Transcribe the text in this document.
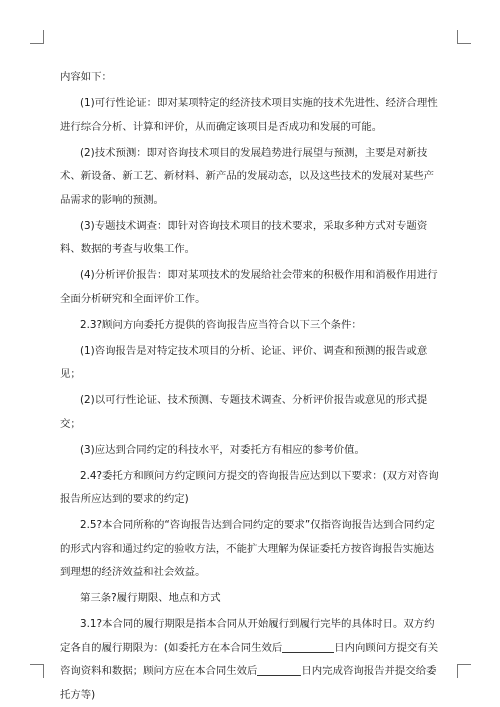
内容如下：

(1)可行性论证：即对某项特定的经济技术项目实施的技术先进性、经济合理性进行综合分析、计算和评价，从而确定该项目是否成功和发展的可能。

(2)技术预测：即对咨询技术项目的发展趋势进行展望与预测，主要是对新技术、新设备、新工艺、新材料、新产品的发展动态，以及这些技术的发展对某些产品需求的影响的预测。

(3)专题技术调查：即针对咨询技术项目的技术要求，采取多种方式对专题资料、数据的考查与收集工作。

(4)分析评价报告：即对某项技术的发展给社会带来的积极作用和消极作用进行全面分析研究和全面评价工作。

2.3?顾问方向委托方提供的咨询报告应当符合以下三个条件：

(1)咨询报告是对特定技术项目的分析、论证、评价、调查和预测的报告或意见；

(2)以可行性论证、技术预测、专题技术调查、分析评价报告或意见的形式提交；

(3)应达到合同约定的科技水平，对委托方有相应的参考价值。

2.4?委托方和顾问方约定顾问方提交的咨询报告应达到以下要求：(双方对咨询报告所应达到的要求的约定)

2.5?本合同所称的“咨询报告达到合同约定的要求”仅指咨询报告达到合同约定的形式内容和通过约定的验收方法，不能扩大理解为保证委托方按咨询报告实施达到理想的经济效益和社会效益。

第三条?履行期限、地点和方式

3.1?本合同的履行期限是指本合同从开始履行到履行完毕的具体时日。双方约定各自的履行期限为：(如委托方在本合同生效后	日内向顾问方提交有关咨询资料和数据；顾问方应在本合同生效后	日内完成咨询报告并提交给委托方等)
